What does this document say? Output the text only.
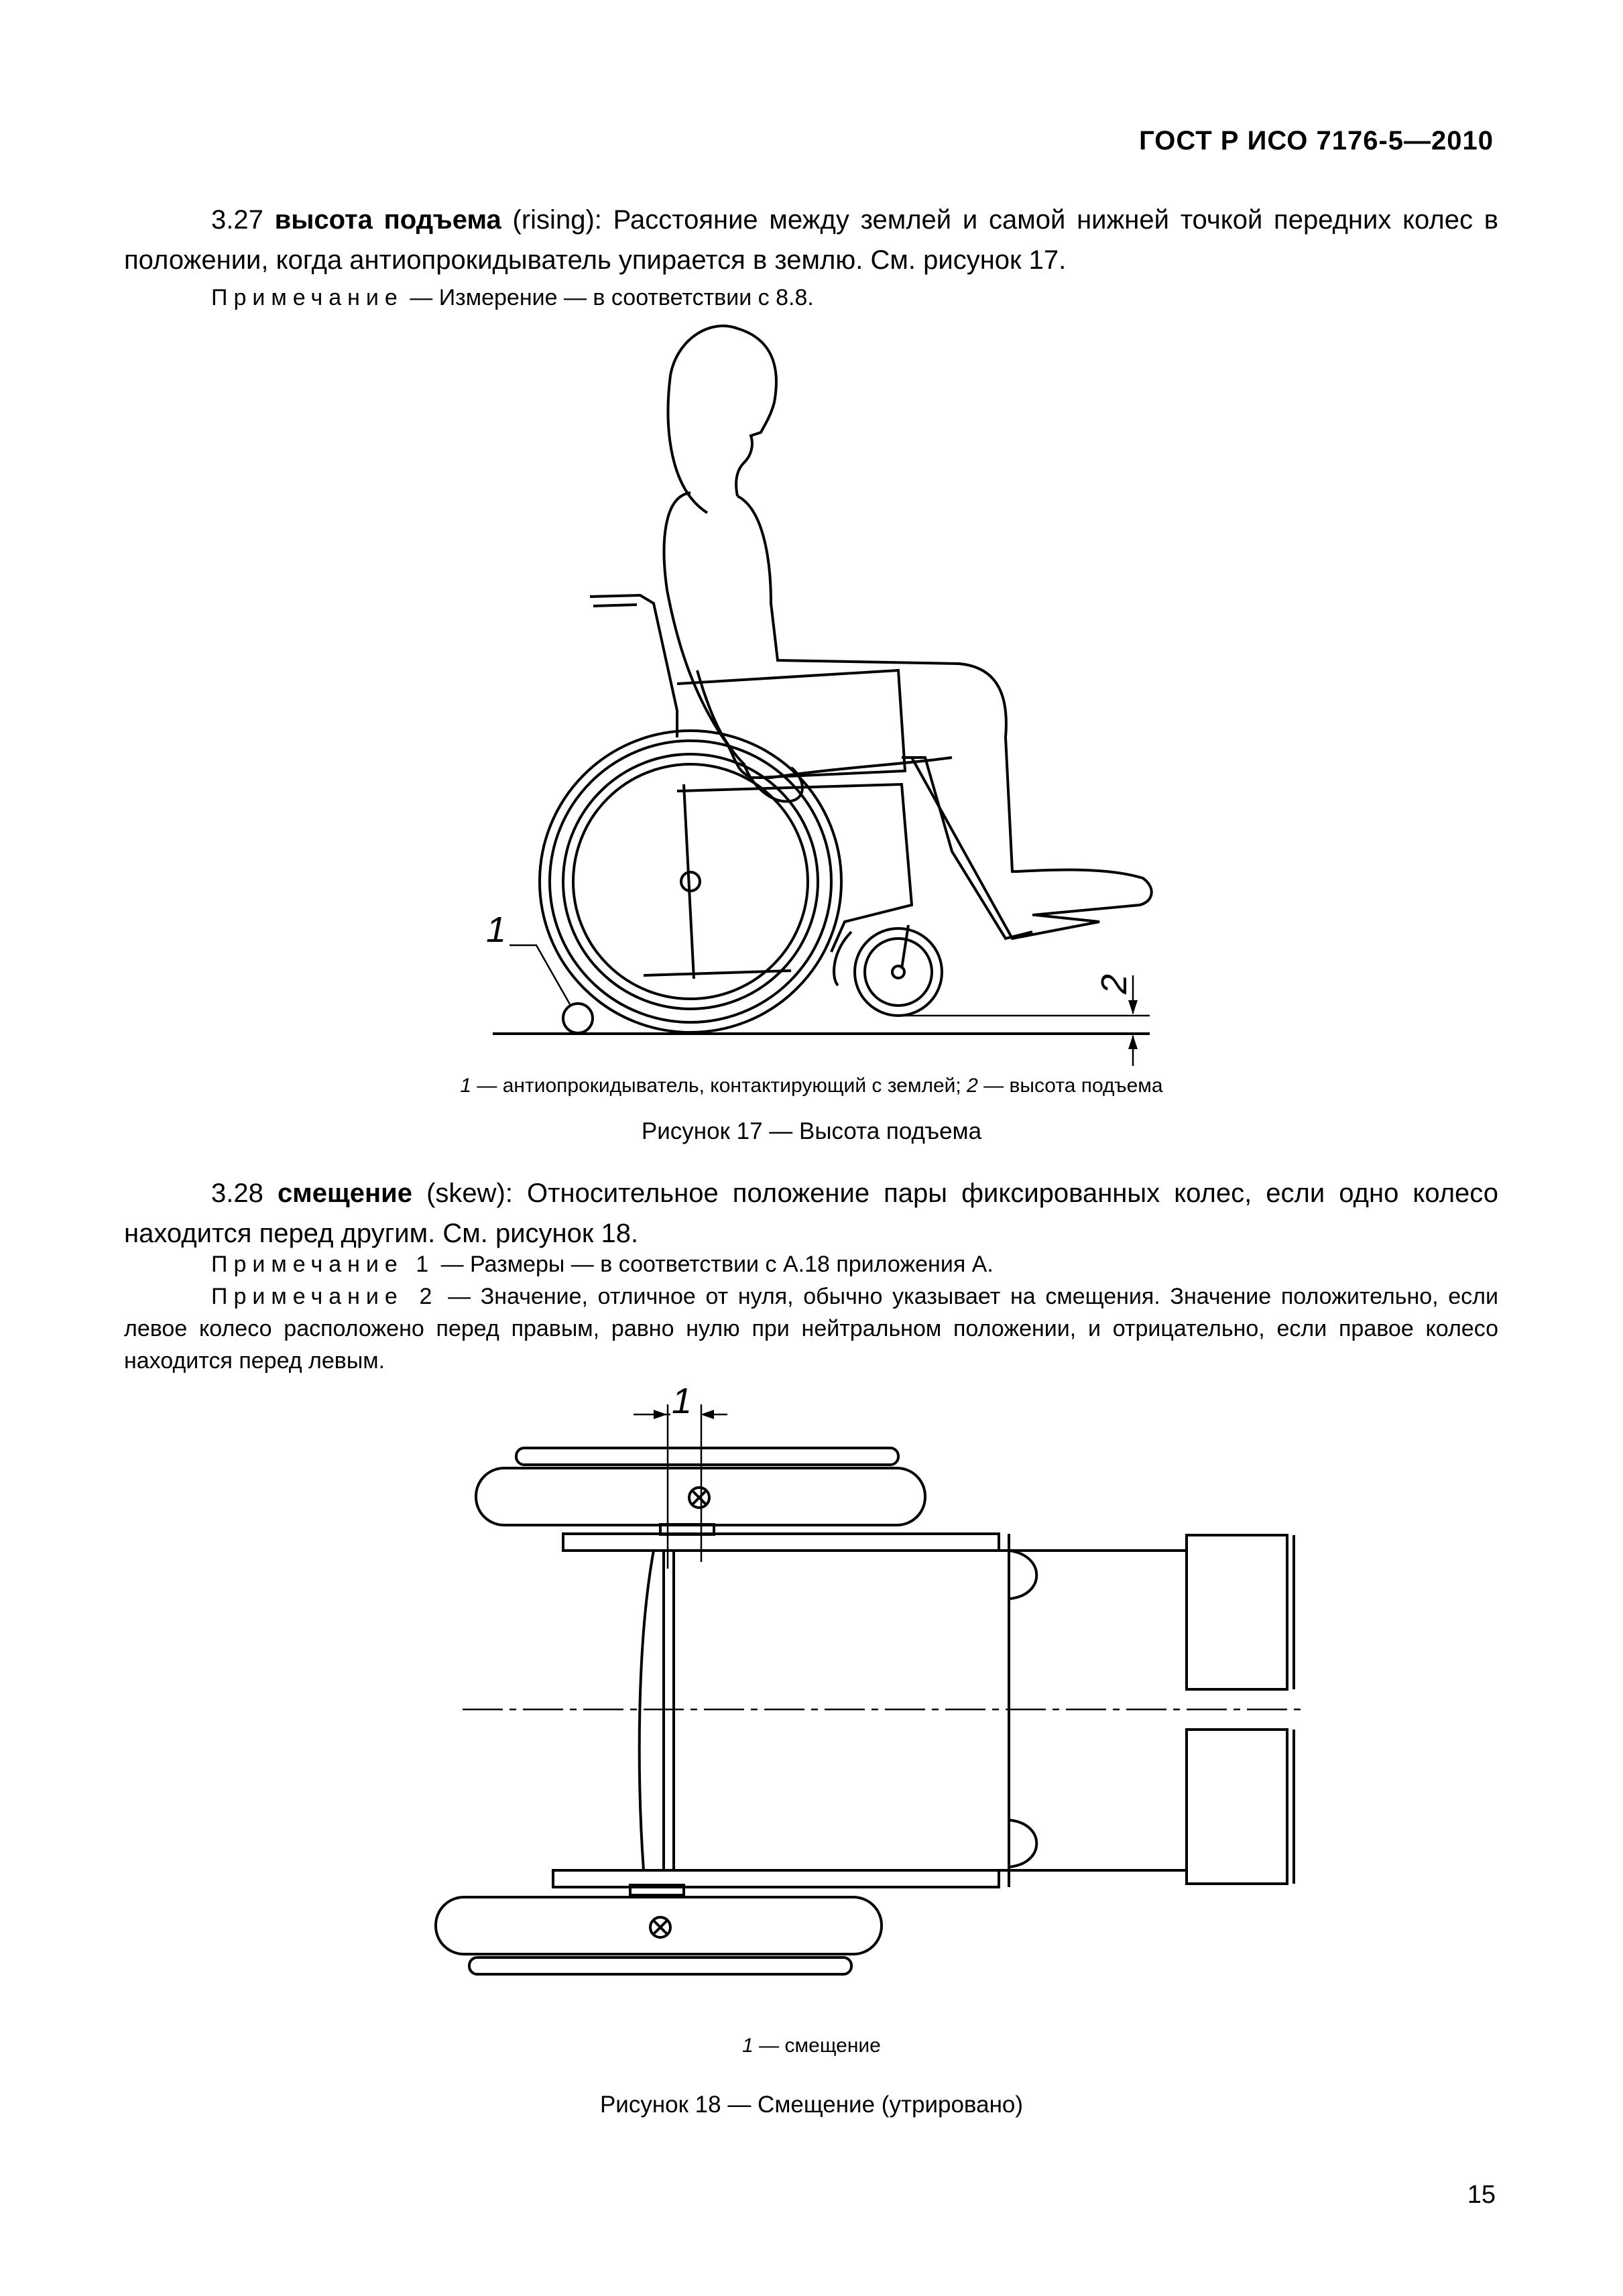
ГОСТ Р ИСО 7176-5—2010
3.27 высота подъема (rising): Расстояние между землей и самой нижней точкой передних колес в положении, когда антиопрокидыватель упирается в землю. См. рисунок 17.
Примечание — Измерение — в соответствии с 8.8.
1
2
1 — антиопрокидыватель, контактирующий с землей; 2 — высота подъема
Рисунок 17 — Высота подъема
3.28 смещение (skew): Относительное положение пары фиксированных колес, если одно колесо находится перед другим. См. рисунок 18.
Примечание 1 — Размеры — в соответствии с А.18 приложения А.
Примечание 2 — Значение, отличное от нуля, обычно указывает на смещения. Значение положительно, если левое колесо расположено перед правым, равно нулю при нейтральном положении, и отрицательно, если правое колесо находится перед левым.
1
1 — смещение
Рисунок 18 — Смещение (утрировано)
15
